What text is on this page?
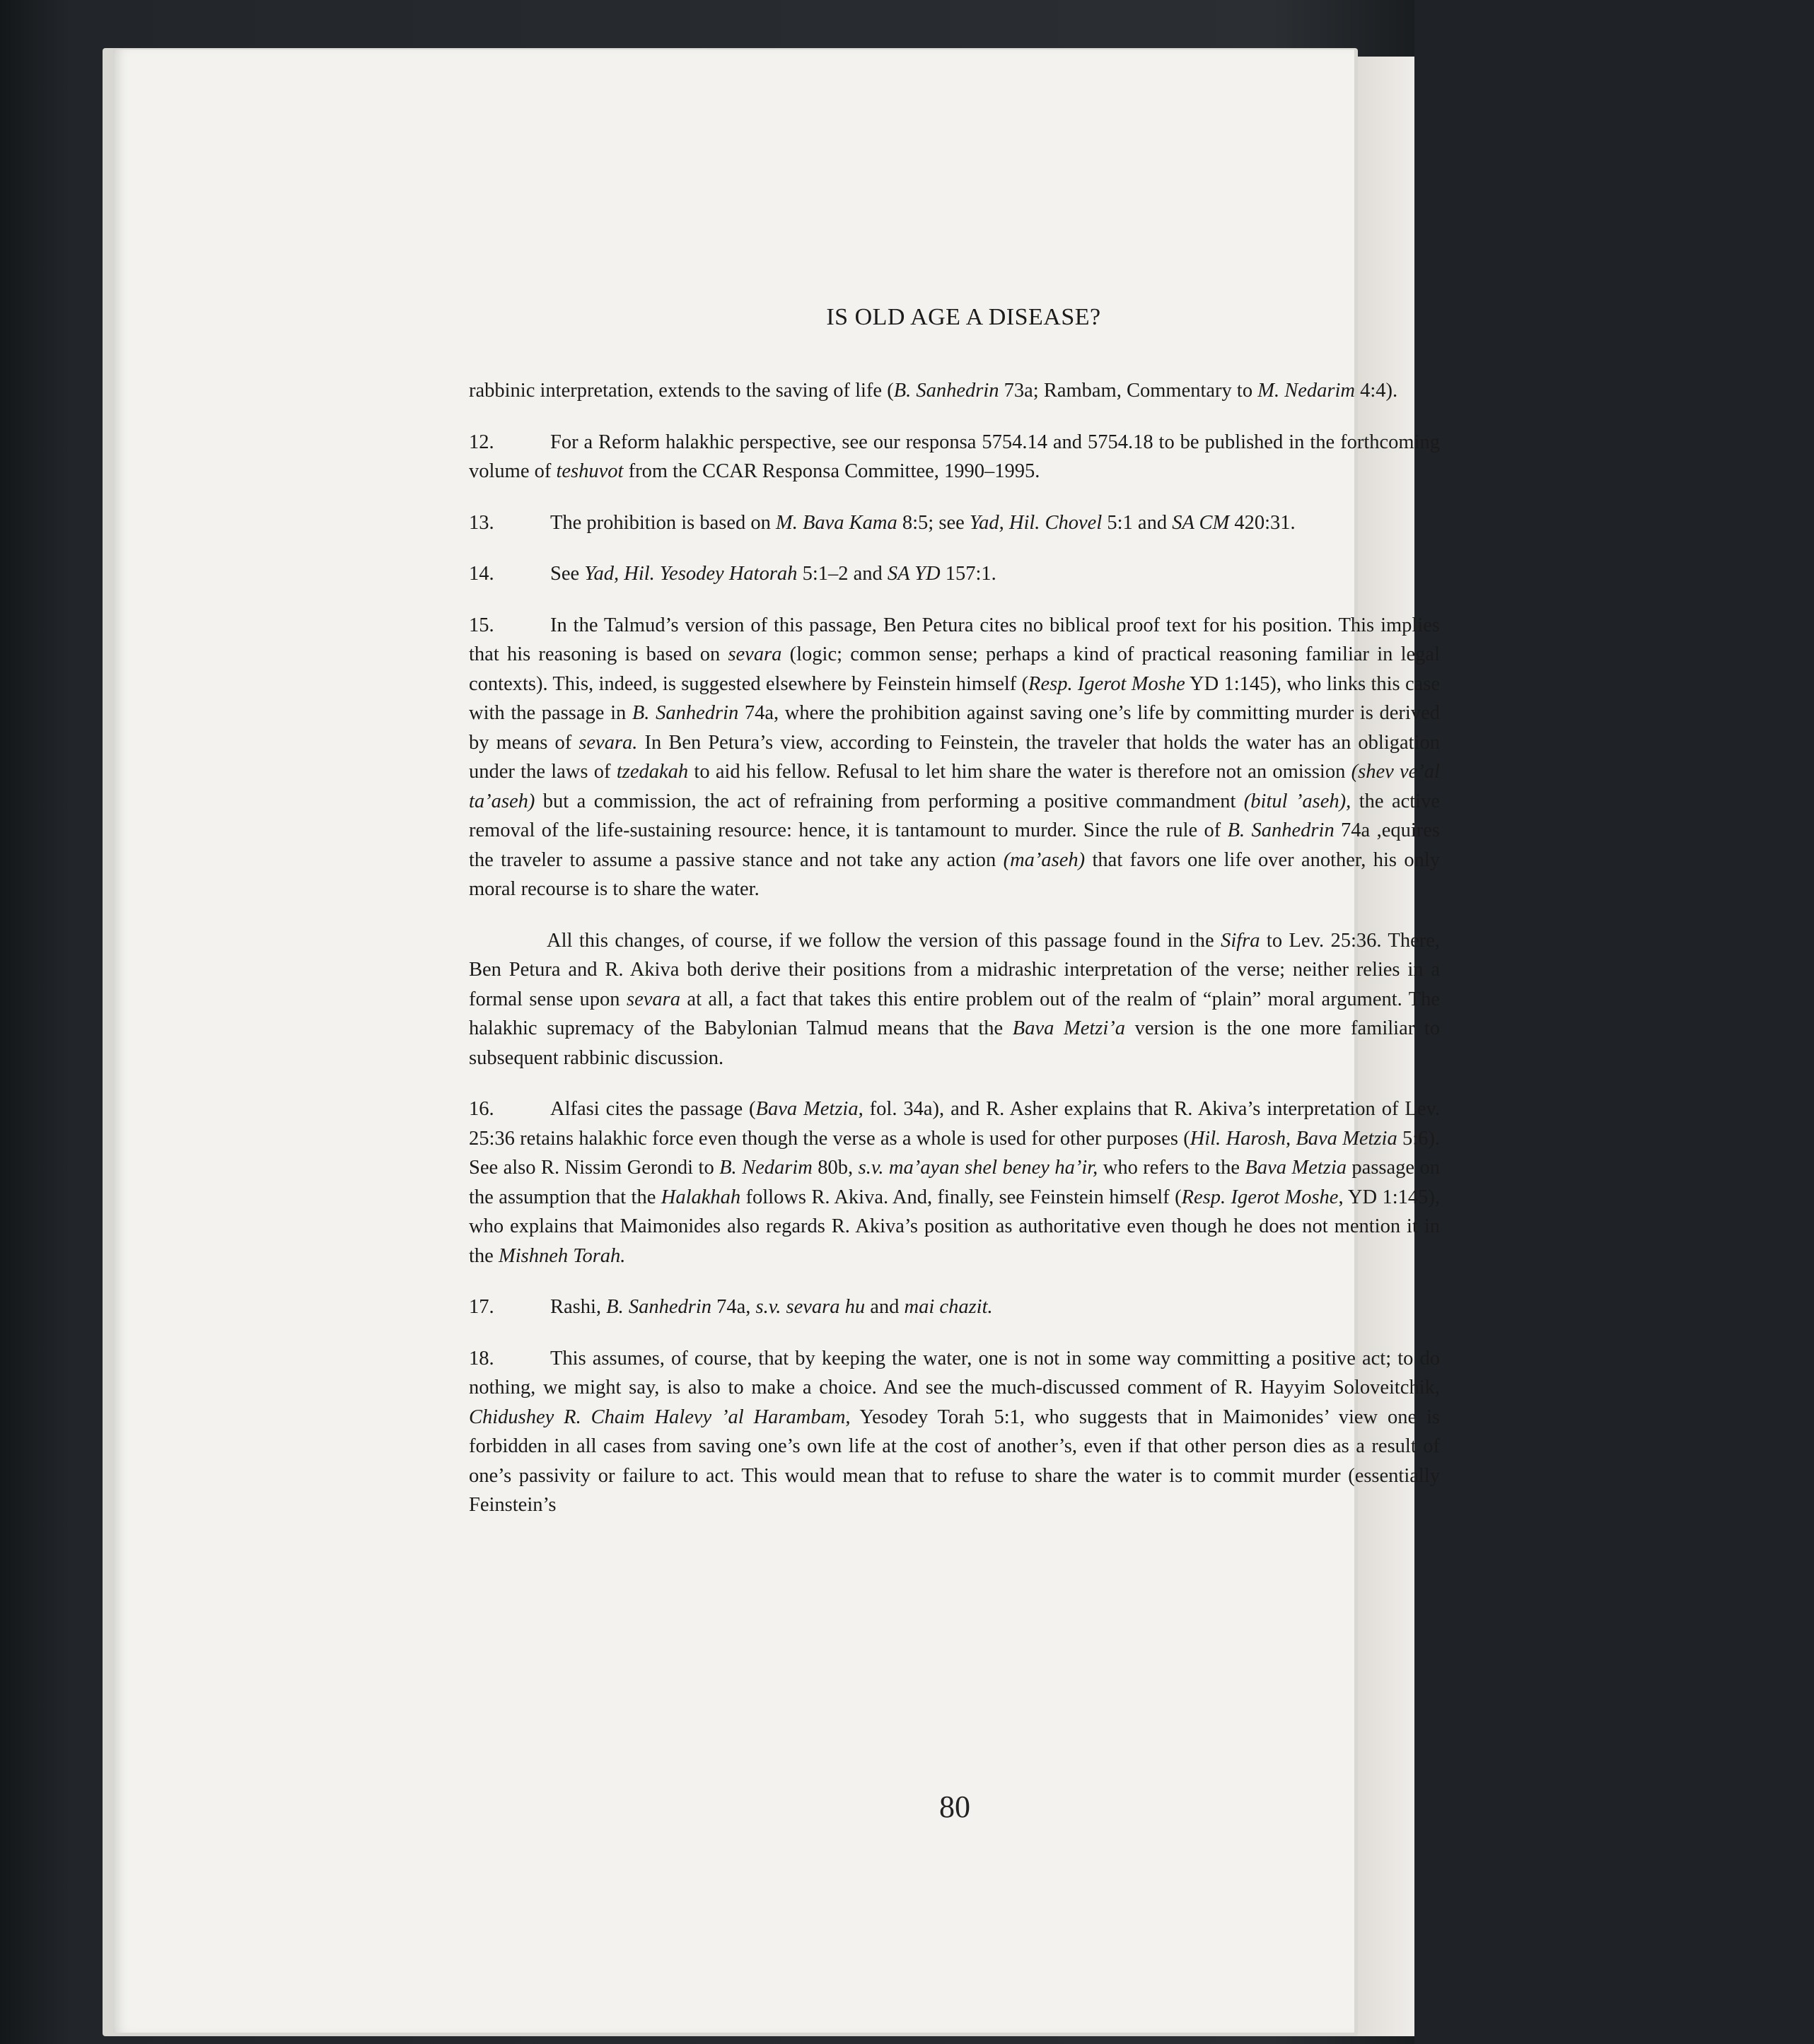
IS OLD AGE A DISEASE?

rabbinic interpretation, extends to the saving of life (B. Sanhedrin 73a; Rambam, Commentary to M. Nedarim 4:4).

12.	For a Reform halakhic perspective, see our responsa 5754.14 and 5754.18 to be published in the forthcoming volume of teshuvot from the CCAR Responsa Committee, 1990–1995.

13.	The prohibition is based on M. Bava Kama 8:5; see Yad, Hil. Chovel 5:1 and SA CM 420:31.

14.	See Yad, Hil. Yesodey Hatorah 5:1–2 and SA YD 157:1.

15.	In the Talmud’s version of this passage, Ben Petura cites no biblical proof text for his position. This implies that his reasoning is based on sevara (logic; common sense; perhaps a kind of practical reasoning familiar in legal contexts). This, indeed, is suggested elsewhere by Feinstein himself (Resp. Igerot Moshe YD 1:145), who links this case with the passage in B. Sanhedrin 74a, where the prohibition against saving one’s life by committing murder is derived by means of sevara. In Ben Petura’s view, according to Feinstein, the traveler that holds the water has an obligation under the laws of tzedakah to aid his fellow. Refusal to let him share the water is therefore not an omission (shev ve’al ta’aseh) but a commission, the act of refraining from performing a positive commandment (bitul ’aseh), the active removal of the life-sustaining resource: hence, it is tantamount to murder. Since the rule of B. Sanhedrin 74a ,equires the traveler to assume a passive stance and not take any action (ma’aseh) that favors one life over another, his only moral recourse is to share the water.

All this changes, of course, if we follow the version of this passage found in the Sifra to Lev. 25:36. There, Ben Petura and R. Akiva both derive their positions from a midrashic interpretation of the verse; neither relies in a formal sense upon sevara at all, a fact that takes this entire problem out of the realm of “plain” moral argument. The halakhic supremacy of the Babylonian Talmud means that the Bava Metzi’a version is the one more familiar to subsequent rabbinic discussion.

16.	Alfasi cites the passage (Bava Metzia, fol. 34a), and R. Asher explains that R. Akiva’s interpretation of Lev. 25:36 retains halakhic force even though the verse as a whole is used for other purposes (Hil. Harosh, Bava Metzia 5:6). See also R. Nissim Gerondi to B. Nedarim 80b, s.v. ma’ayan shel beney ha’ir, who refers to the Bava Metzia passage on the assumption that the Halakhah follows R. Akiva. And, finally, see Feinstein himself (Resp. Igerot Moshe, YD 1:145), who explains that Maimonides also regards R. Akiva’s position as authoritative even though he does not mention it in the Mishneh Torah.

17.	Rashi, B. Sanhedrin 74a, s.v. sevara hu and mai chazit.

18.	This assumes, of course, that by keeping the water, one is not in some way committing a positive act; to do nothing, we might say, is also to make a choice. And see the much-discussed comment of R. Hayyim Soloveitchik, Chidushey R. Chaim Halevy ’al Harambam, Yesodey Torah 5:1, who suggests that in Maimonides’ view one is forbidden in all cases from saving one’s own life at the cost of another’s, even if that other person dies as a result of one’s passivity or failure to act. This would mean that to refuse to share the water is to commit murder (essentially Feinstein’s

80
